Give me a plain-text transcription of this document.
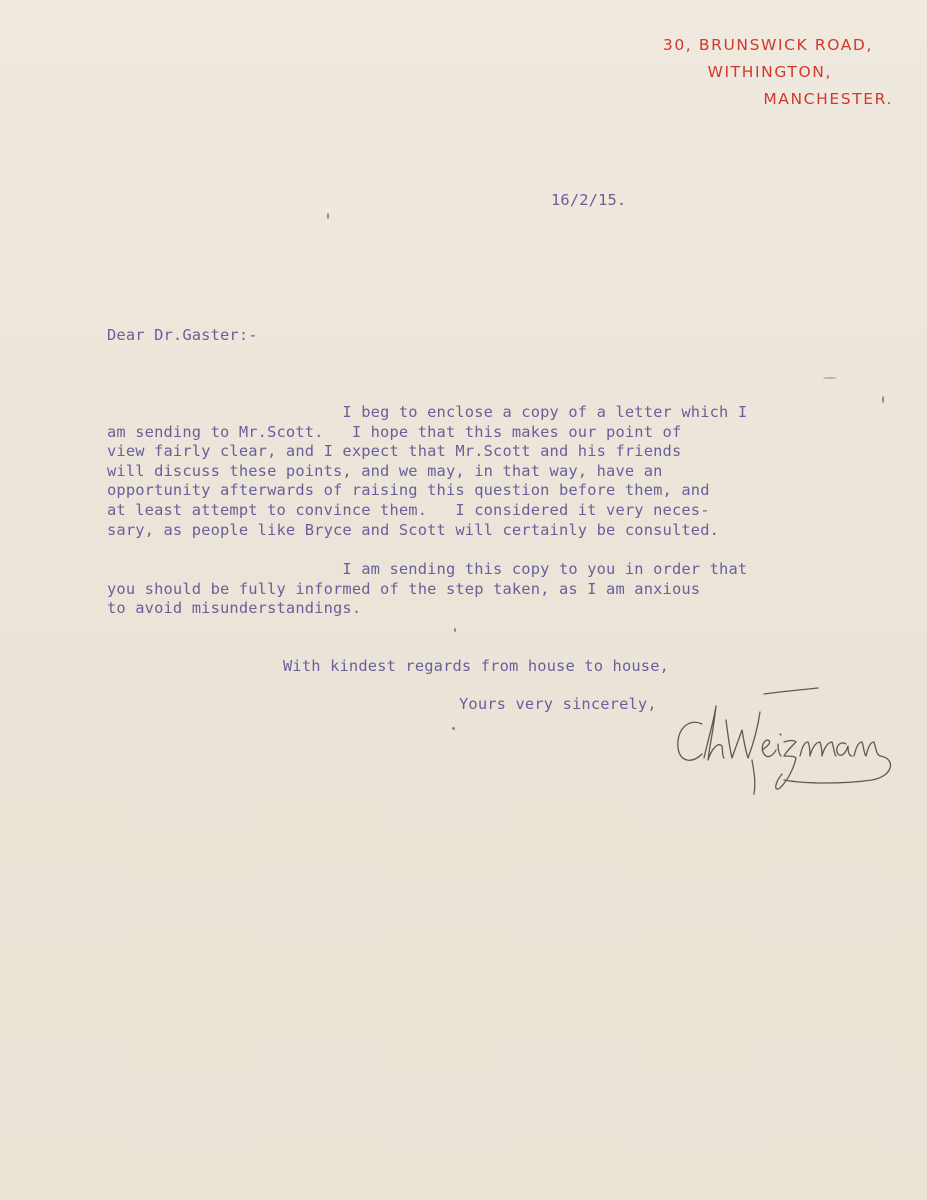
30, BRUNSWICK ROAD,
WITHINGTON,
MANCHESTER.

16/2/15.

Dear Dr.Gaster:-

I beg to enclose a copy of a letter which I
am sending to Mr.Scott.   I hope that this makes our point of
view fairly clear, and I expect that Mr.Scott and his friends
will discuss these points, and we may, in that way, have an
opportunity afterwards of raising this question before them, and
at least attempt to convince them.   I considered it very neces-
sary, as people like Bryce and Scott will certainly be consulted.

I am sending this copy to you in order that
you should be fully informed of the step taken, as I am anxious
to avoid misunderstandings.

With kindest regards from house to house,

Yours very sincerely,
